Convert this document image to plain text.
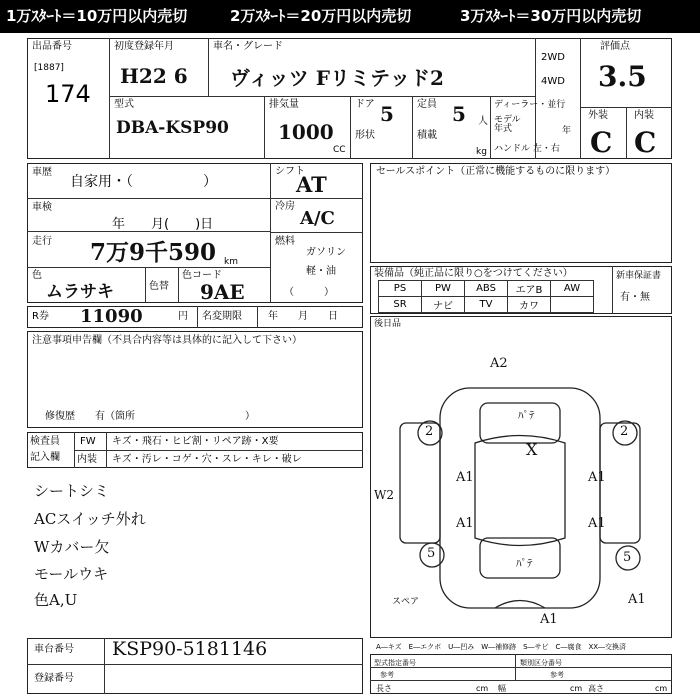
1万ｽﾀｰﾄ＝10万円以内売切	2万ｽﾀｰﾄ＝20万円以内売切	3万ｽﾀｰﾄ＝30万円以内売切
出品番号
[1887]
174
初度登録年月
H22 6
車名・グレード
ヴィッツ Fリミテッド2
2WD
4WD
評価点
3.5
型式
DBA-KSP90
排気量
1000
CC
ドア 5 定員 5 人
形状	積載
kg
ディーラー・並行
モデル
年式	年
ハンドル 左・右
外装	内装
C C
車歴
自家用・（　　　　　）
車検
年　　月(　　)日
走行 7万9千590 km
色
ムラサキ	色替
色コード
9AE
シフト
AT
冷房
A/C
燃料
ガソリン
軽・油
（　　　）
R券 11090	円 名変期限	年　　月　　日
注意事項申告欄（不具合内容等は具体的に記入して下さい）
修復歴　　有（箇所　　　　　　　　　　　）
検査員
記入欄
FW キズ・飛石・ヒビ割・リペア跡・X要
内装 キズ・汚レ・コゲ・穴・スレ・キレ・破レ
シートシミ
ACスイッチ外れ
Wカバー欠
モールウキ
色A,U
セールスポイント（正常に機能するものに限ります）
装備品（純正品に限り○をつけてください）
PS	PW	ABS	エアB	AW
SR	ナビ	TV	カワ	
新車保証書
有・無
後日品
A2
A1	A1
A1	A1
2	2
5	5
X
ﾊﾟﾃ
ﾊﾟﾃ
A1
A1
W2
スペア
A―キズ　E―エクボ　U―凹み　W―補修跡　S―サビ　C―腐食　XX―交換済
車台番号 KSP90-5181146
登録番号
型式指定番号	類別区分番号
参考	参考
長さ	cm 幅	cm 高さ	cm
